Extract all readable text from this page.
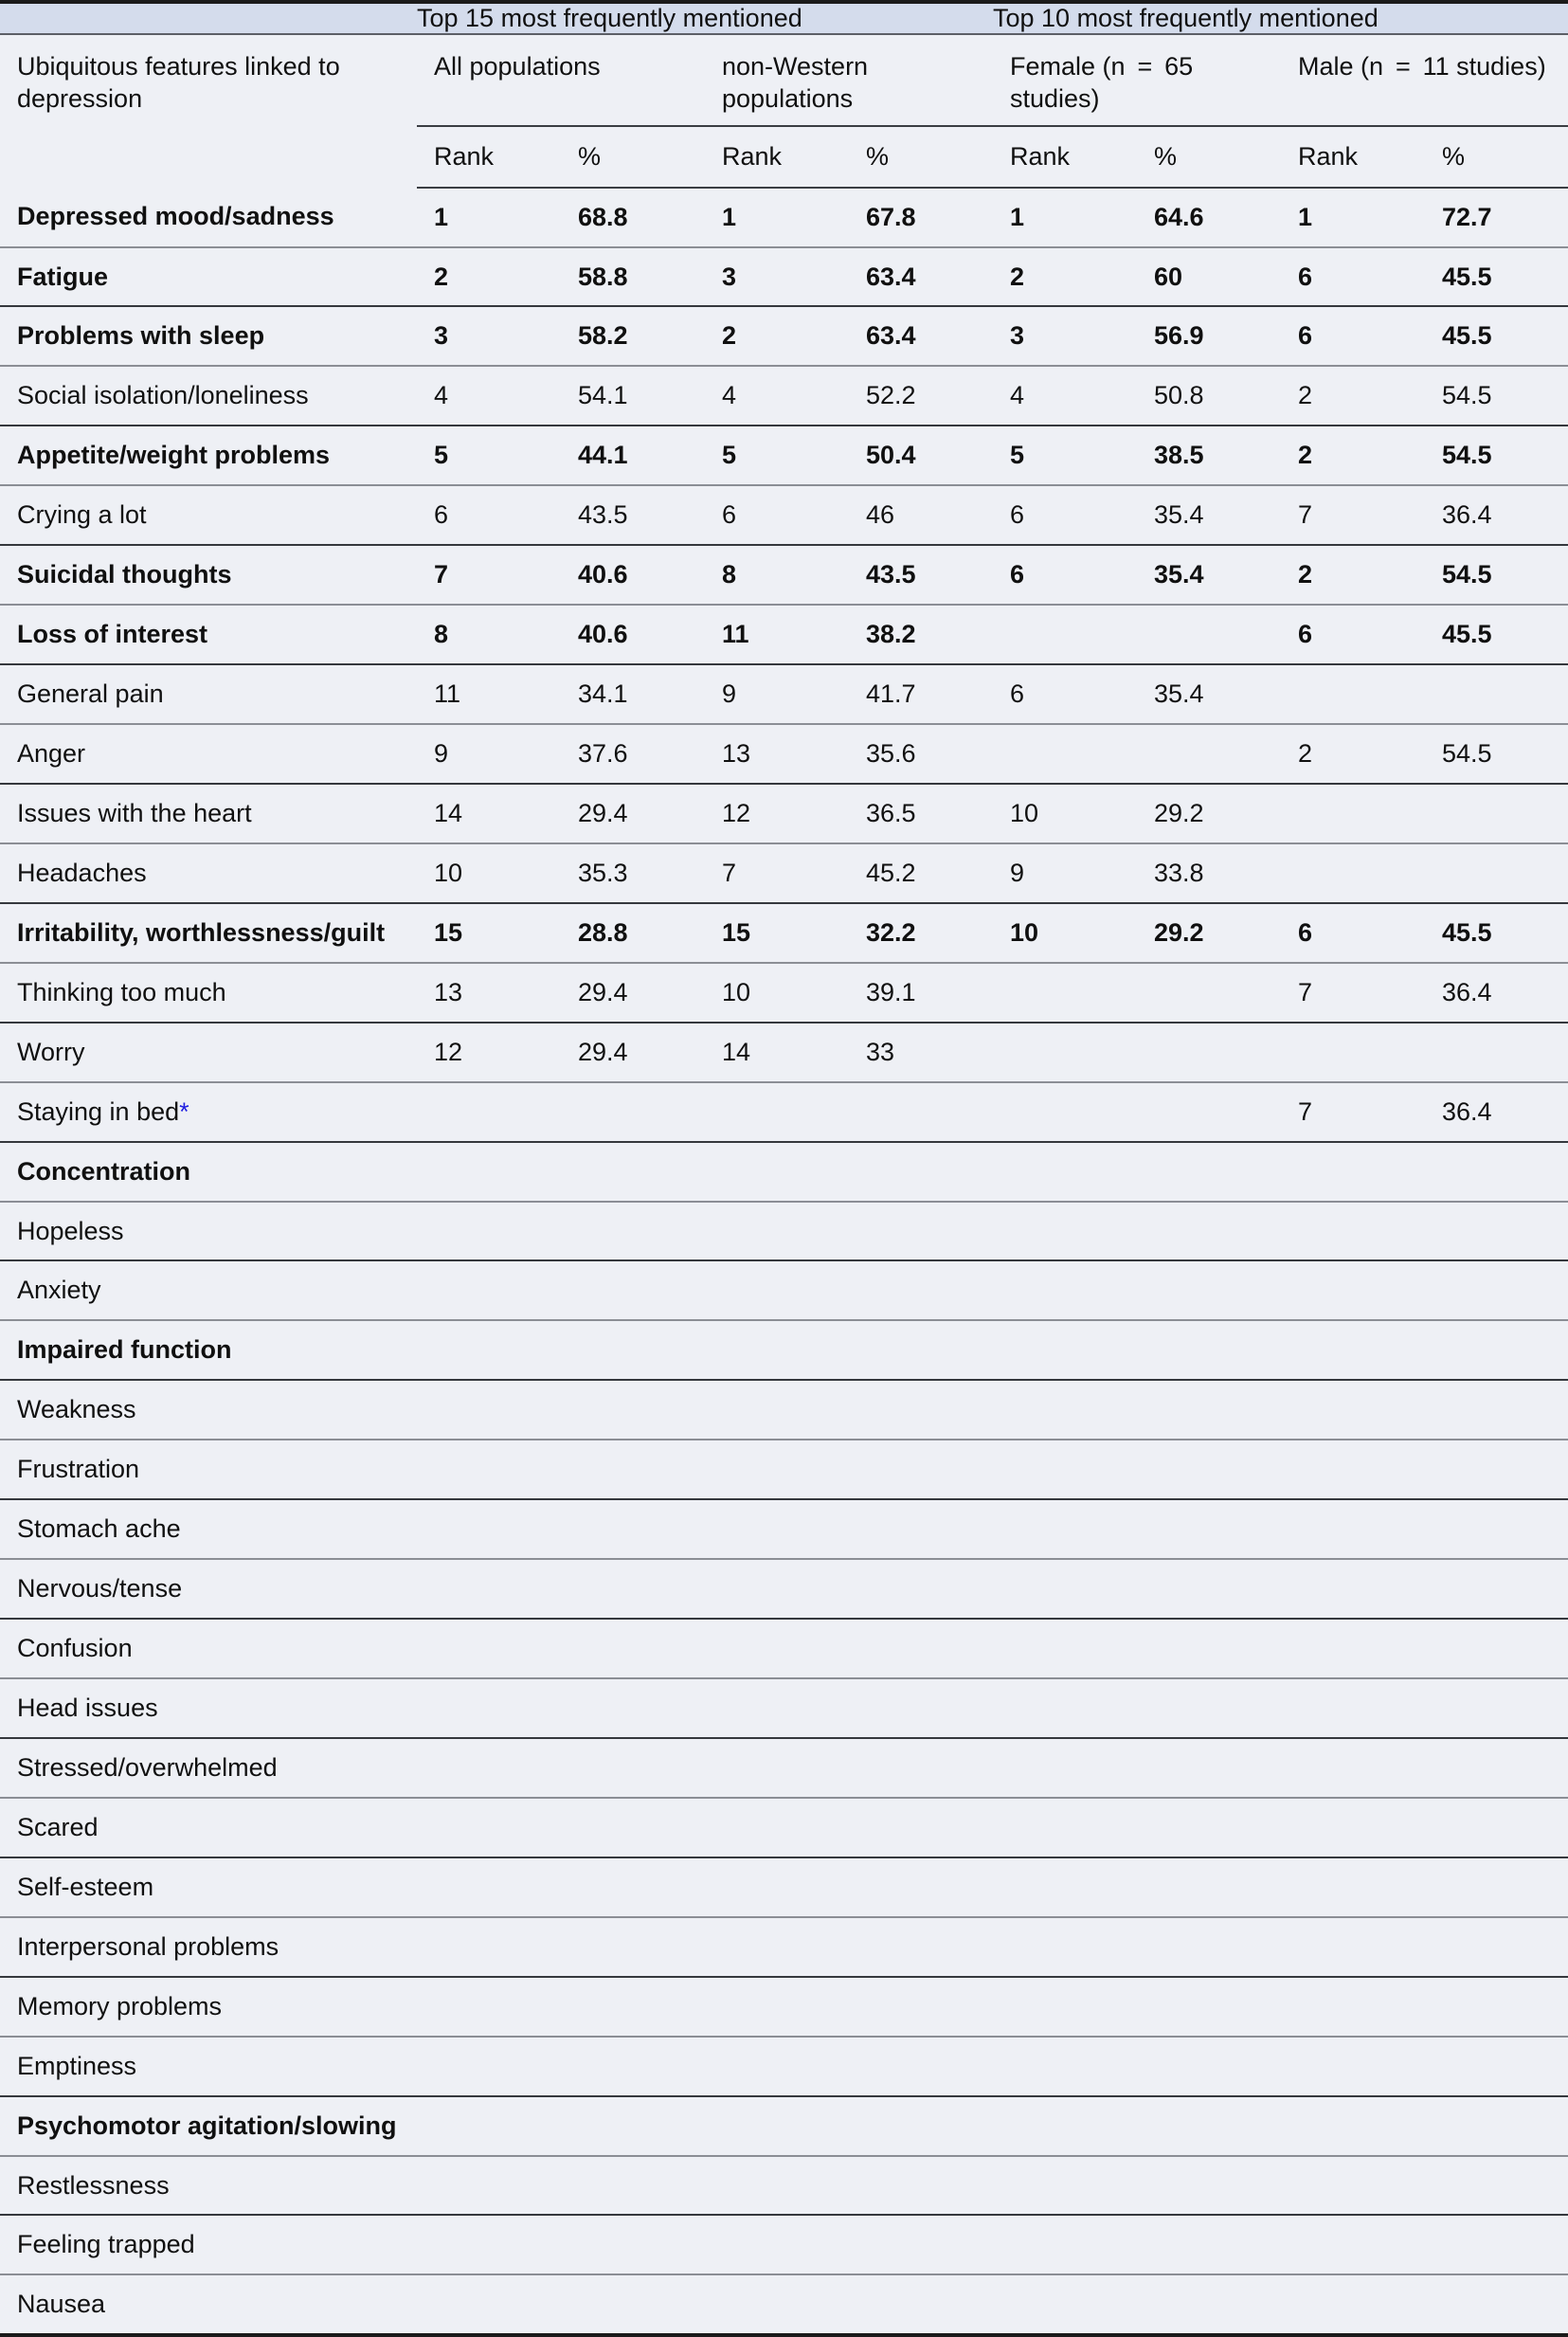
	Top 15 most frequently mentioned				Top 10 most frequently mentioned			
Ubiquitous features linked to depression	All populations		non-Western populations		Female (n  =  65 studies)		Male (n  =  11 studies)	

	Rank	%	Rank	%	Rank	%	Rank	%
Depressed mood/sadness	1	68.8	1	67.8	1	64.6	1	72.7
Fatigue	2	58.8	3	63.4	2	60	6	45.5
Problems with sleep	3	58.2	2	63.4	3	56.9	6	45.5
Social isolation/loneliness	4	54.1	4	52.2	4	50.8	2	54.5
Appetite/weight problems	5	44.1	5	50.4	5	38.5	2	54.5
Crying a lot	6	43.5	6	46	6	35.4	7	36.4
Suicidal thoughts	7	40.6	8	43.5	6	35.4	2	54.5
Loss of interest	8	40.6	11	38.2			6	45.5
General pain	11	34.1	9	41.7	6	35.4		
Anger	9	37.6	13	35.6			2	54.5
Issues with the heart	14	29.4	12	36.5	10	29.2		
Headaches	10	35.3	7	45.2	9	33.8		
Irritability, worthlessness/guilt	15	28.8	15	32.2	10	29.2	6	45.5
Thinking too much	13	29.4	10	39.1			7	36.4
Worry	12	29.4	14	33				
Staying in bed*							7	36.4
Concentration								
Hopeless								
Anxiety								
Impaired function								
Weakness								
Frustration								
Stomach ache								
Nervous/tense								
Confusion								
Head issues								
Stressed/overwhelmed								
Scared								
Self-esteem								
Interpersonal problems								
Memory problems								
Emptiness								
Psychomotor agitation/slowing								
Restlessness								
Feeling trapped								
Nausea								
